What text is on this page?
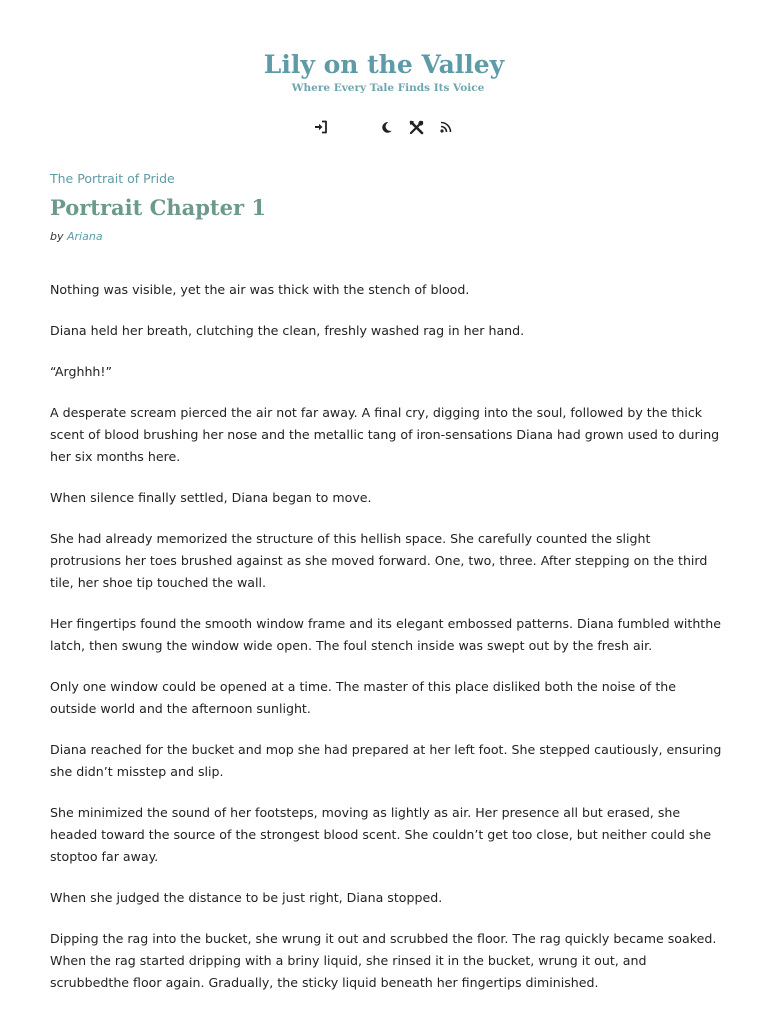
Lily on the Valley
Where Every Tale Finds Its Voice
The Portrait of Pride
Portrait Chapter 1
by Ariana

Nothing was visible, yet the air was thick with the stench of blood.

Diana held her breath, clutching the clean, freshly washed rag in her hand.

“Arghhh!”

A desperate scream pierced the air not far away. A final cry, digging into the soul, followed by the thick scent of blood brushing her nose and the metallic tang of iron-sensations Diana had grown used to during her six months here.

When silence finally settled, Diana began to move.

She had already memorized the structure of this hellish space. She carefully counted the slight protrusions her toes brushed against as she moved forward. One, two, three. After stepping on the third tile, her shoe tip touched the wall.

Her fingertips found the smooth window frame and its elegant embossed patterns. Diana fumbled withthe latch, then swung the window wide open. The foul stench inside was swept out by the fresh air.

Only one window could be opened at a time. The master of this place disliked both the noise of the outside world and the afternoon sunlight.

Diana reached for the bucket and mop she had prepared at her left foot. She stepped cautiously, ensuring she didn’t misstep and slip.

She minimized the sound of her footsteps, moving as lightly as air. Her presence all but erased, she headed toward the source of the strongest blood scent. She couldn’t get too close, but neither could she stoptoo far away.

When she judged the distance to be just right, Diana stopped.

Dipping the rag into the bucket, she wrung it out and scrubbed the floor. The rag quickly became soaked. When the rag started dripping with a briny liquid, she rinsed it in the bucket, wrung it out, and scrubbedthe floor again. Gradually, the sticky liquid beneath her fingertips diminished.
